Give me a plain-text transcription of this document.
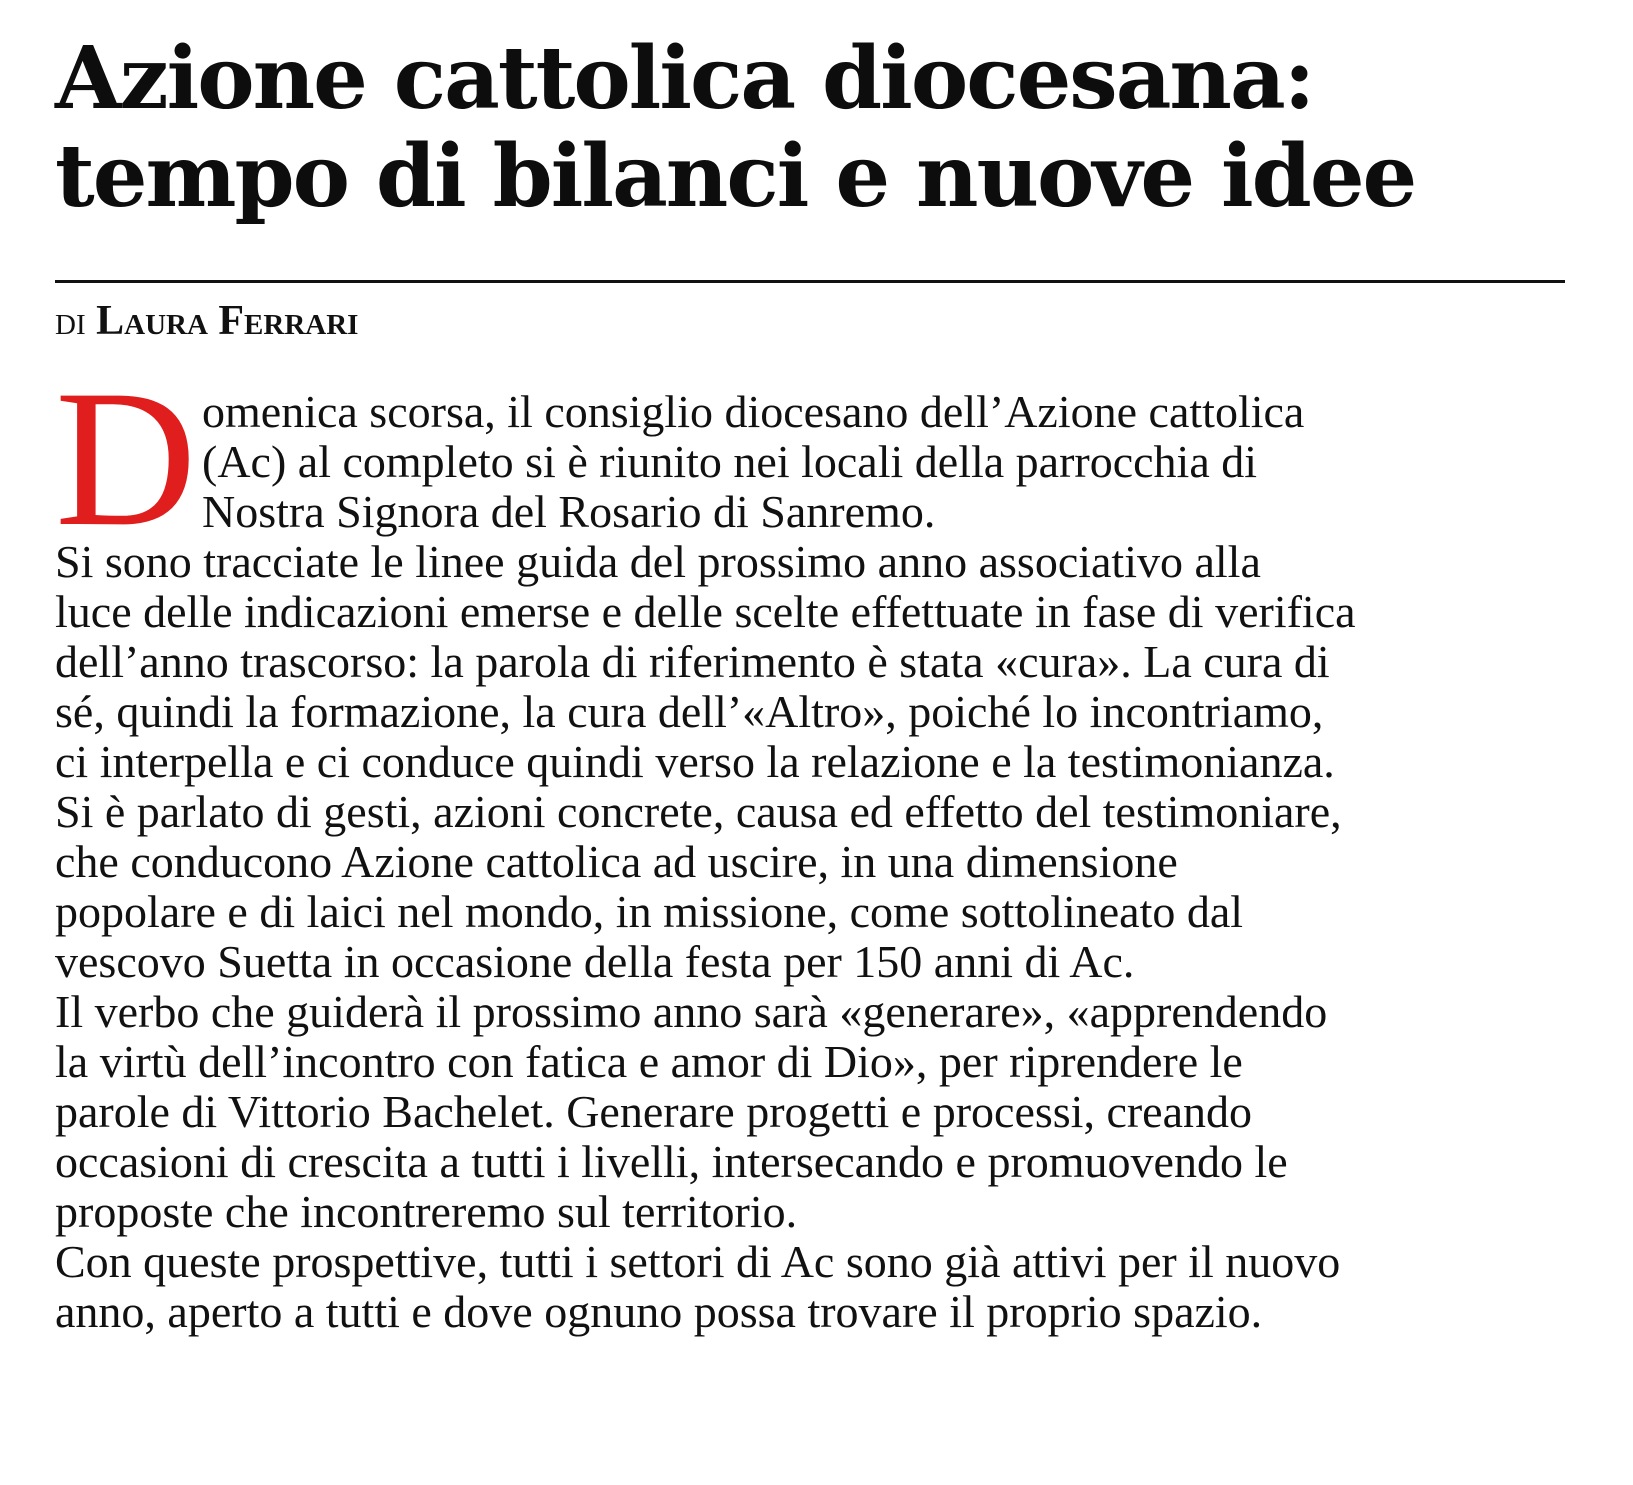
Azione cattolica diocesana:
tempo di bilanci e nuove idee
di Laura Ferrari
D omenica scorsa, il consiglio diocesano dell’Azione cattolica
(Ac) al completo si è riunito nei locali della parrocchia di
Nostra Signora del Rosario di Sanremo.
Si sono tracciate le linee guida del prossimo anno associativo alla
luce delle indicazioni emerse e delle scelte effettuate in fase di verifica
dell’anno trascorso: la parola di riferimento è stata «cura». La cura di
sé, quindi la formazione, la cura dell’«Altro», poiché lo incontriamo,
ci interpella e ci conduce quindi verso la relazione e la testimonianza.
Si è parlato di gesti, azioni concrete, causa ed effetto del testimoniare,
che conducono Azione cattolica ad uscire, in una dimensione
popolare e di laici nel mondo, in missione, come sottolineato dal
vescovo Suetta in occasione della festa per 150 anni di Ac.
Il verbo che guiderà il prossimo anno sarà «generare», «apprendendo
la virtù dell’incontro con fatica e amor di Dio», per riprendere le
parole di Vittorio Bachelet. Generare progetti e processi, creando
occasioni di crescita a tutti i livelli, intersecando e promuovendo le
proposte che incontreremo sul territorio.
Con queste prospettive, tutti i settori di Ac sono già attivi per il nuovo
anno, aperto a tutti e dove ognuno possa trovare il proprio spazio.
